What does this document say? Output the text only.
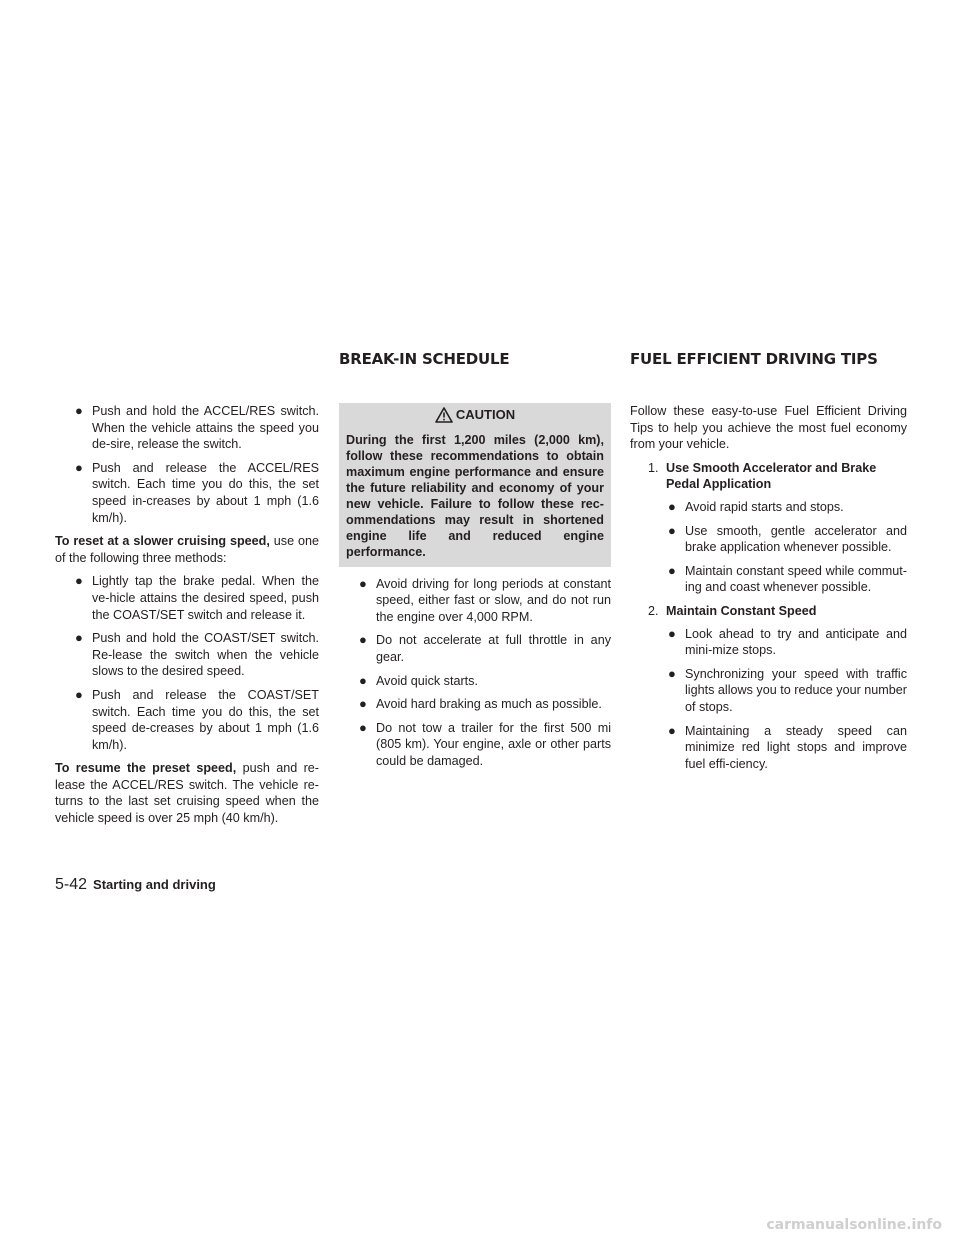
BREAK-IN SCHEDULE	FUEL EFFICIENT DRIVING TIPS
● Push and hold the ACCEL/RES switch. When the vehicle attains the speed you de-sire, release the switch.
● Push and release the ACCEL/RES switch. Each time you do this, the set speed in-creases by about 1 mph (1.6 km/h).

To reset at a slower cruising speed, use one of the following three methods:

● Lightly tap the brake pedal. When the ve-hicle attains the desired speed, push the COAST/SET switch and release it.
● Push and hold the COAST/SET switch. Re-lease the switch when the vehicle slows to the desired speed.
● Push and release the COAST/SET switch. Each time you do this, the set speed de-creases by about 1 mph (1.6 km/h).

To resume the preset speed, push and re-lease the ACCEL/RES switch. The vehicle re-turns to the last set cruising speed when the vehicle speed is over 25 mph (40 km/h).

CAUTION
During the first 1,200 miles (2,000 km), follow these recommendations to obtain maximum engine performance and ensure the future reliability and economy of your new vehicle. Failure to follow these rec-ommendations may result in shortened engine life and reduced engine performance.
● Avoid driving for long periods at constant speed, either fast or slow, and do not run the engine over 4,000 RPM.
● Do not accelerate at full throttle in any gear.
● Avoid quick starts.
● Avoid hard braking as much as possible.
● Do not tow a trailer for the first 500 mi (805 km). Your engine, axle or other parts could be damaged.

Follow these easy-to-use Fuel Efficient Driving Tips to help you achieve the most fuel economy from your vehicle.

1. Use Smooth Accelerator and Brake Pedal Application
● Avoid rapid starts and stops.
● Use smooth, gentle accelerator and brake application whenever possible.
● Maintain constant speed while commut-ing and coast whenever possible.
2. Maintain Constant Speed
● Look ahead to try and anticipate and mini-mize stops.
● Synchronizing your speed with traffic lights allows you to reduce your number of stops.
● Maintaining a steady speed can minimize red light stops and improve fuel effi-ciency.
5-42 Starting and driving
carmanualsonline.info
